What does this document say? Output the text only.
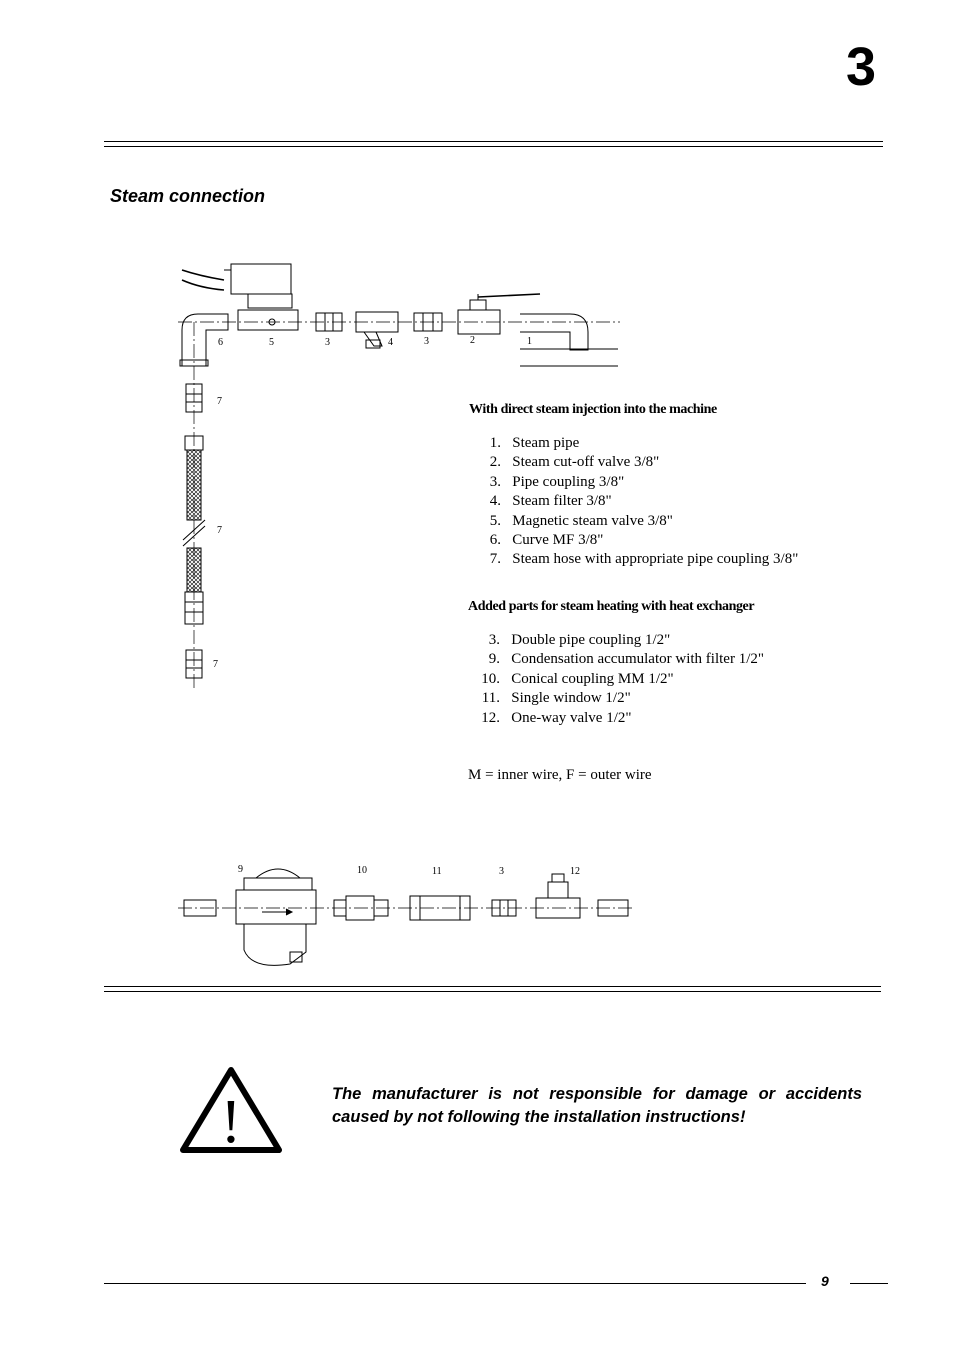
3
Steam connection
6	5	3	4	3	2	1
7
7
7
9	10	11	3	12
With direct steam injection into the machine
1. Steam pipe
2. Steam cut-off valve 3/8"
3. Pipe coupling 3/8"
4. Steam filter 3/8"
5. Magnetic steam valve 3/8"
6. Curve MF 3/8"
7. Steam hose with appropriate pipe coupling 3/8"
Added parts for steam heating with heat exchanger
3. Double pipe coupling 1/2"
9. Condensation accumulator with filter 1/2"
10. Conical coupling MM 1/2"
11. Single window 1/2"
12. One-way valve 1/2"
M = inner wire, F = outer wire
!	The manufacturer is not responsible for damage or accidents caused by not following the installation instructions!
9
